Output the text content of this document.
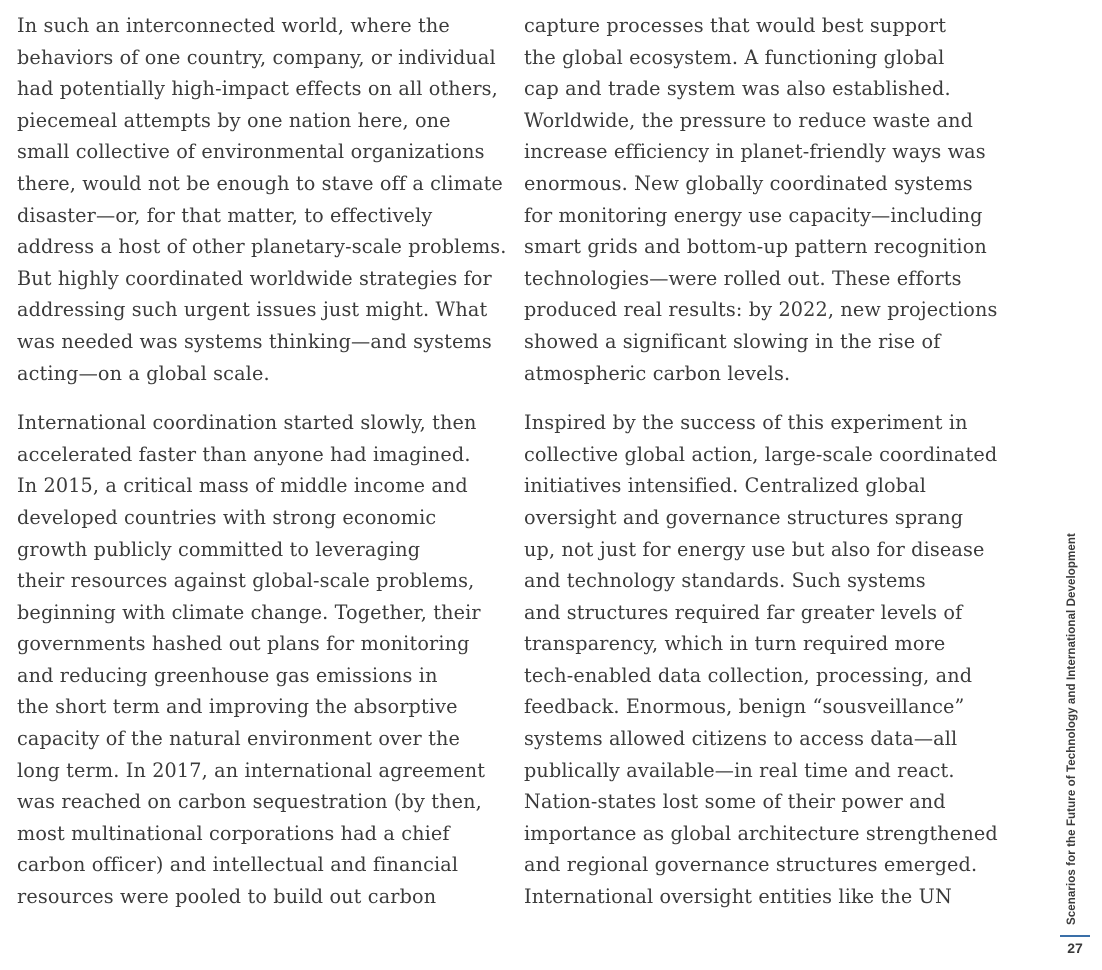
In such an interconnected world, where the
behaviors of one country, company, or individual
had potentially high-impact effects on all others,
piecemeal attempts by one nation here, one
small collective of environmental organizations
there, would not be enough to stave off a climate
disaster—or, for that matter, to effectively
address a host of other planetary-scale problems.
But highly coordinated worldwide strategies for
addressing such urgent issues just might. What
was needed was systems thinking—and systems
acting—on a global scale.

International coordination started slowly, then
accelerated faster than anyone had imagined.
In 2015, a critical mass of middle income and
developed countries with strong economic
growth publicly committed to leveraging
their resources against global-scale problems,
beginning with climate change. Together, their
governments hashed out plans for monitoring
and reducing greenhouse gas emissions in
the short term and improving the absorptive
capacity of the natural environment over the
long term. In 2017, an international agreement
was reached on carbon sequestration (by then,
most multinational corporations had a chief
carbon officer) and intellectual and financial
resources were pooled to build out carbon

capture processes that would best support
the global ecosystem. A functioning global
cap and trade system was also established.
Worldwide, the pressure to reduce waste and
increase efficiency in planet-friendly ways was
enormous. New globally coordinated systems
for monitoring energy use capacity—including
smart grids and bottom-up pattern recognition
technologies—were rolled out. These efforts
produced real results: by 2022, new projections
showed a significant slowing in the rise of
atmospheric carbon levels.

Inspired by the success of this experiment in
collective global action, large-scale coordinated
initiatives intensified. Centralized global
oversight and governance structures sprang
up, not just for energy use but also for disease
and technology standards. Such systems
and structures required far greater levels of
transparency, which in turn required more
tech-enabled data collection, processing, and
feedback. Enormous, benign “sousveillance”
systems allowed citizens to access data—all
publically available—in real time and react.
Nation-states lost some of their power and
importance as global architecture strengthened
and regional governance structures emerged.
International oversight entities like the UN	Scenarios for the Future of Technology and International Development
27
